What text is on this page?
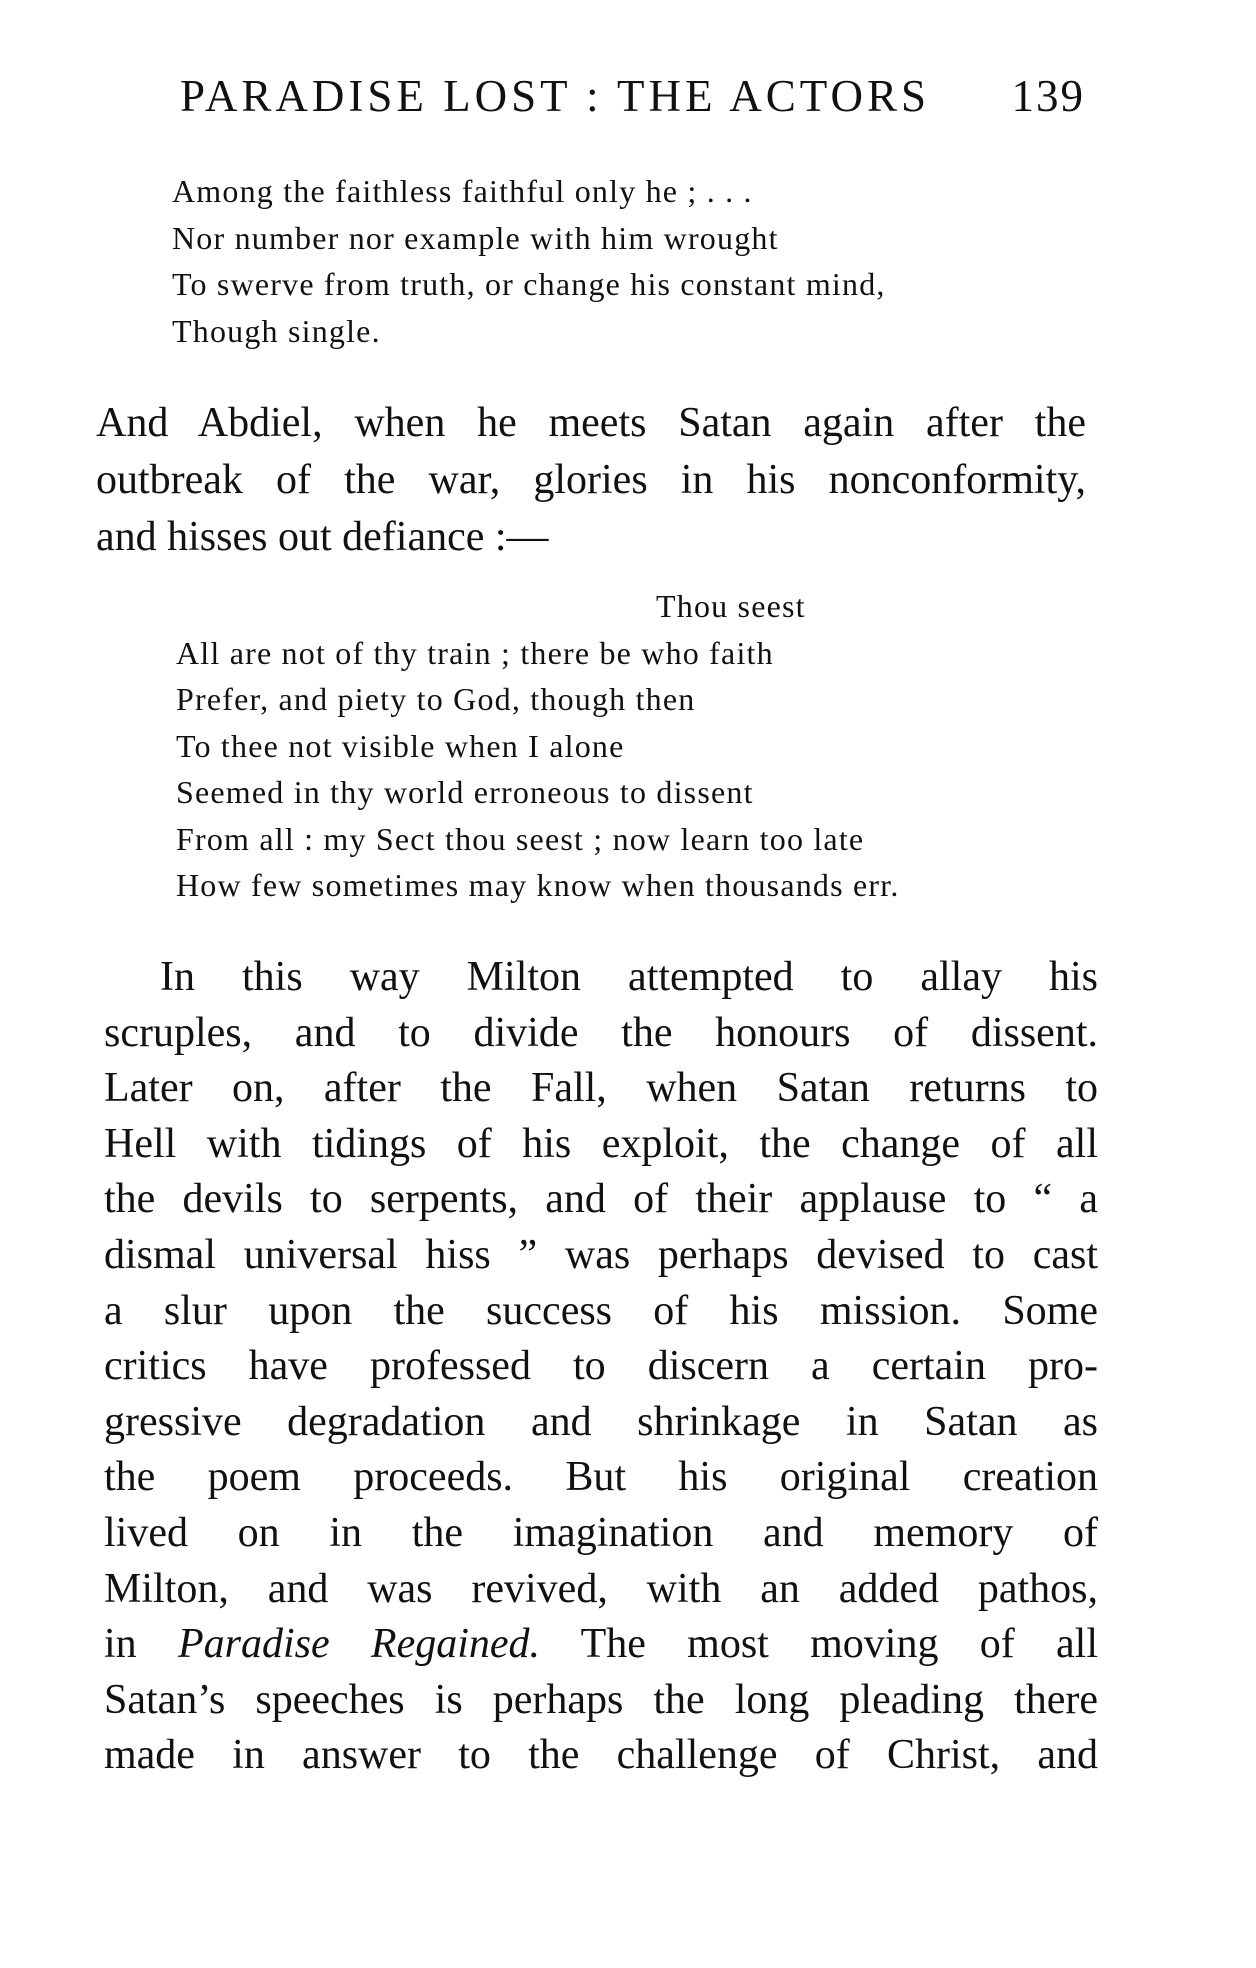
PARADISE LOST : THE ACTORS 139
Among the faithless faithful only he ; . . .
Nor number nor example with him wrought
To swerve from truth, or change his constant mind,
Though single.

And Abdiel, when he meets Satan again after the

outbreak of the war, glories in his nonconformity,

and hisses out defiance :—

Thou seest
All are not of thy train ; there be who faith
Prefer, and piety to God, though then
To thee not visible when I alone
Seemed in thy world erroneous to dissent
From all : my Sect thou seest ; now learn too late
How few sometimes may know when thousands err.
In this way Milton attempted to allay his
scruples, and to divide the honours of dissent.
Later on, after the Fall, when Satan returns to
Hell with tidings of his exploit, the change of all
the devils to serpents, and of their applause to “ a
dismal universal hiss ” was perhaps devised to cast
a slur upon the success of his mission. Some
critics have professed to discern a certain pro-
gressive degradation and shrinkage in Satan as
the poem proceeds. But his original creation
lived on in the imagination and memory of
Milton, and was revived, with an added pathos,
in Paradise Regained. The most moving of all
Satan’s speeches is perhaps the long pleading there
made in answer to the challenge of Christ, and
